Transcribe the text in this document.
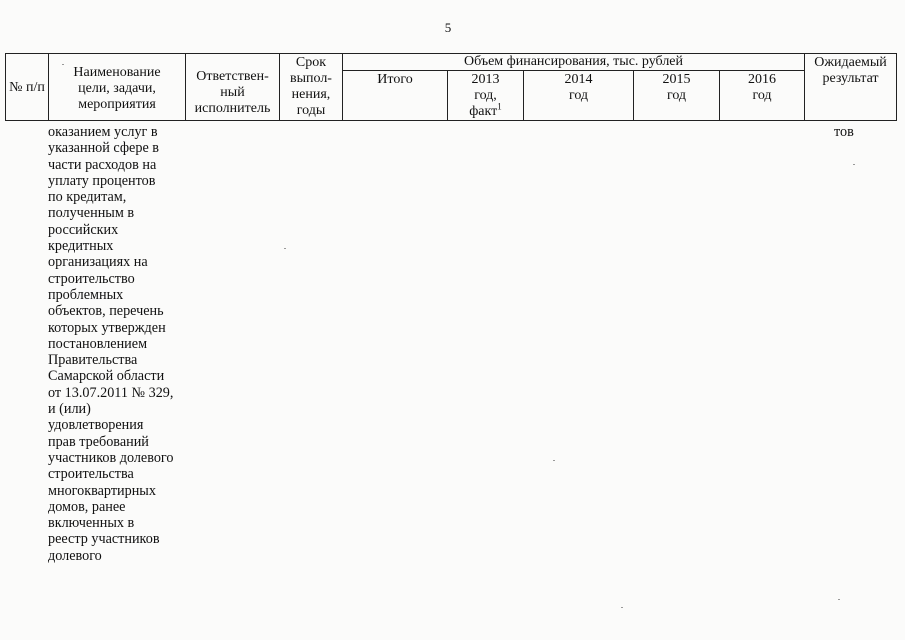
5
№ п/п
Наименование
цели, задачи,
мероприятия
Ответствен-
ный
исполнитель
Срок
выпол-
нения,
годы
Объем финансирования, тыс. рублей
Итого	2013
год,
факт$^1$
2014
год
2015
год
2016
год
Ожидаемый
результат
оказанием услуг в
указанной сфере в
части расходов на
уплату процентов
по кредитам,
полученным в
российских
кредитных
организациях на
строительство
проблемных
объектов, перечень
которых утвержден
постановлением
Правительства
Самарской области
от 13.07.2011 № 329,
и (или)
удовлетворения
прав требований
участников долевого
строительства
многоквартирных
домов, ранее
включенных в
реестр участников
долевого
тов
